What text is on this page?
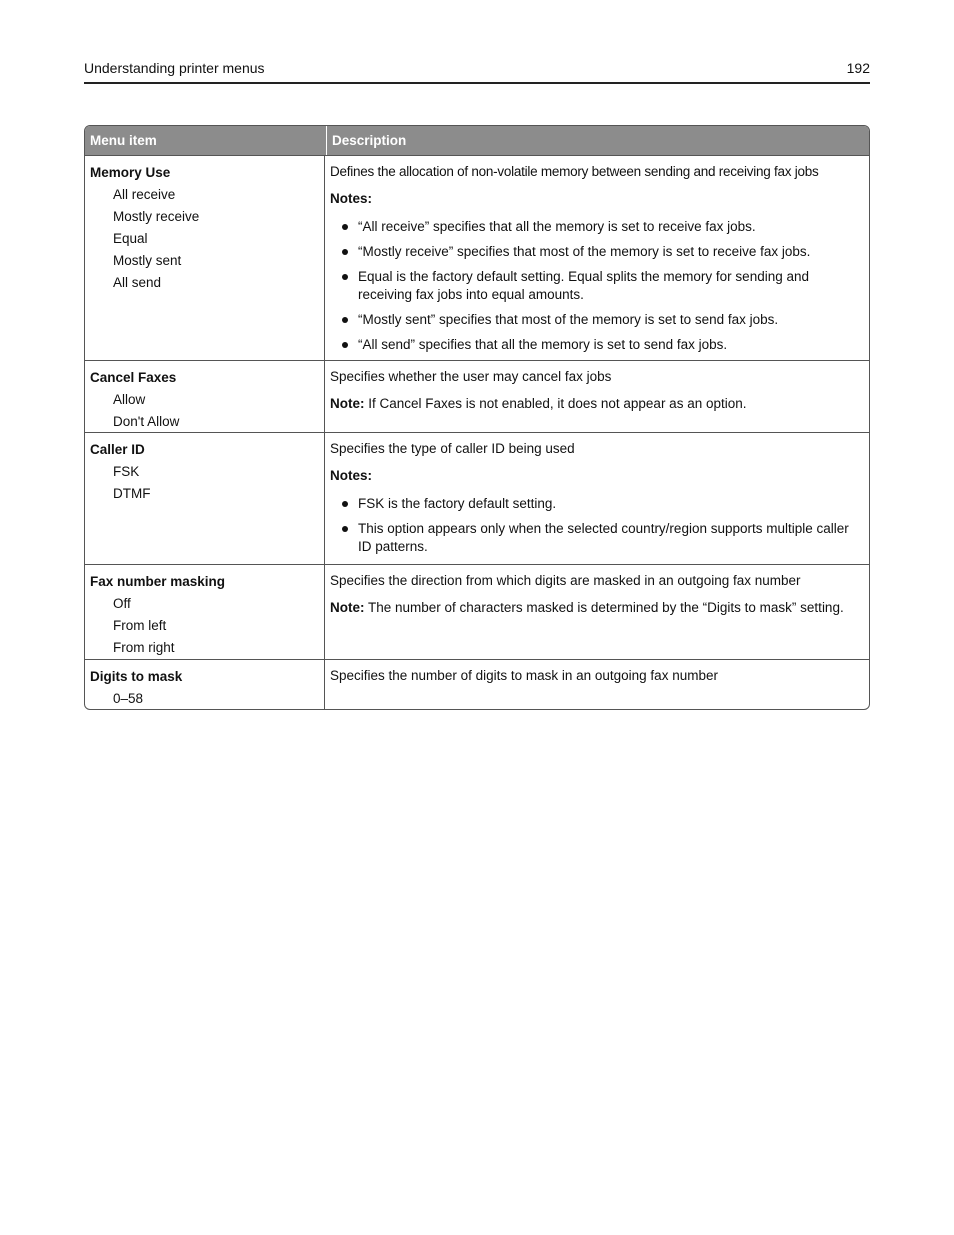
Understanding printer menus	192
Menu item	Description
Memory Use
All receive
Mostly receive
Equal
Mostly sent
All send
Defines the allocation of non-volatile memory between sending and receiving fax jobs
Notes:
“All receive” specifies that all the memory is set to receive fax jobs.
“Mostly receive” specifies that most of the memory is set to receive fax jobs.
Equal is the factory default setting. Equal splits the memory for sending and receiving fax jobs into equal amounts.
“Mostly sent” specifies that most of the memory is set to send fax jobs.
“All send” specifies that all the memory is set to send fax jobs.
Cancel Faxes
Allow
Don't Allow
Specifies whether the user may cancel fax jobs
Note: If Cancel Faxes is not enabled, it does not appear as an option.
Caller ID
FSK
DTMF
Specifies the type of caller ID being used
Notes:
FSK is the factory default setting.
This option appears only when the selected country/region supports multiple caller ID patterns.
Fax number masking
Off
From left
From right
Specifies the direction from which digits are masked in an outgoing fax number
Note: The number of characters masked is determined by the “Digits to mask” setting.
Digits to mask
0–58
Specifies the number of digits to mask in an outgoing fax number
